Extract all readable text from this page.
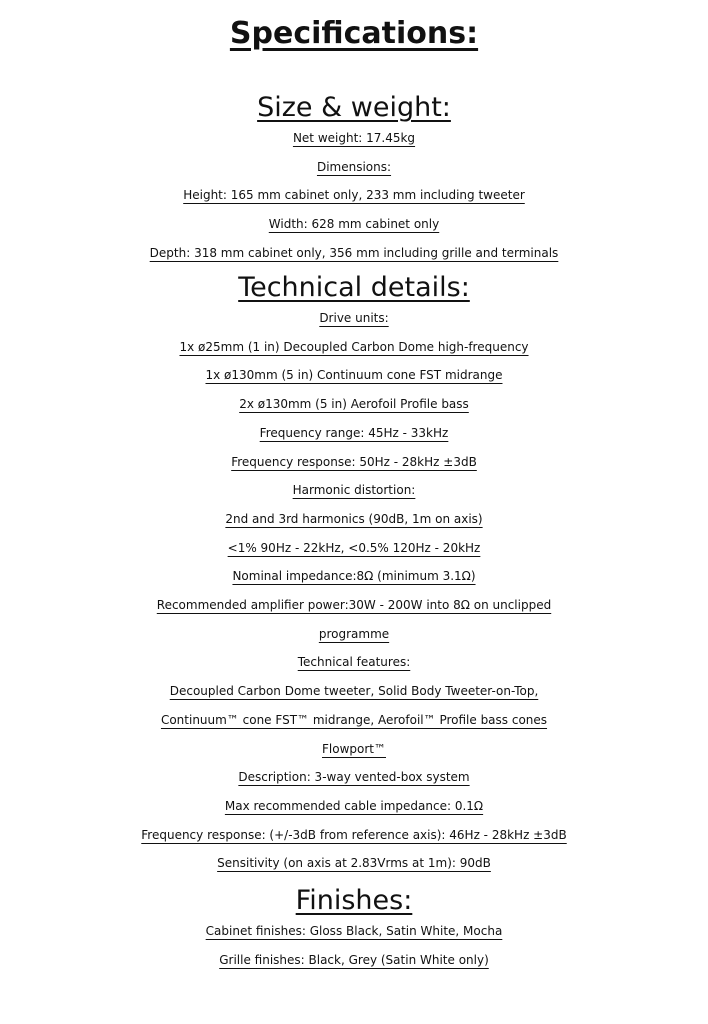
Specifications:
Size & weight:
Net weight: 17.45kg
Dimensions:
Height: 165 mm cabinet only, 233 mm including tweeter
Width: 628 mm cabinet only
Depth: 318 mm cabinet only, 356 mm including grille and terminals
Technical details:
Drive units:
1x ø25mm (1 in) Decoupled Carbon Dome high-frequency
1x ø130mm (5 in) Continuum cone FST midrange
2x ø130mm (5 in) Aerofoil Profile bass
Frequency range: 45Hz - 33kHz
Frequency response: 50Hz - 28kHz ±3dB
Harmonic distortion:
2nd and 3rd harmonics (90dB, 1m on axis)
<1% 90Hz - 22kHz, <0.5% 120Hz - 20kHz
Nominal impedance:8Ω (minimum 3.1Ω)
Recommended amplifier power:30W - 200W into 8Ω on unclipped
programme
Technical features:
Decoupled Carbon Dome tweeter, Solid Body Tweeter-on-Top,
Continuum™ cone FST™ midrange, Aerofoil™ Profile bass cones
Flowport™
Description: 3-way vented-box system
Max recommended cable impedance: 0.1Ω
Frequency response: (+/-3dB from reference axis): 46Hz - 28kHz ±3dB
Sensitivity (on axis at 2.83Vrms at 1m): 90dB
Finishes:
Cabinet finishes: Gloss Black, Satin White, Mocha
Grille finishes: Black, Grey (Satin White only)
